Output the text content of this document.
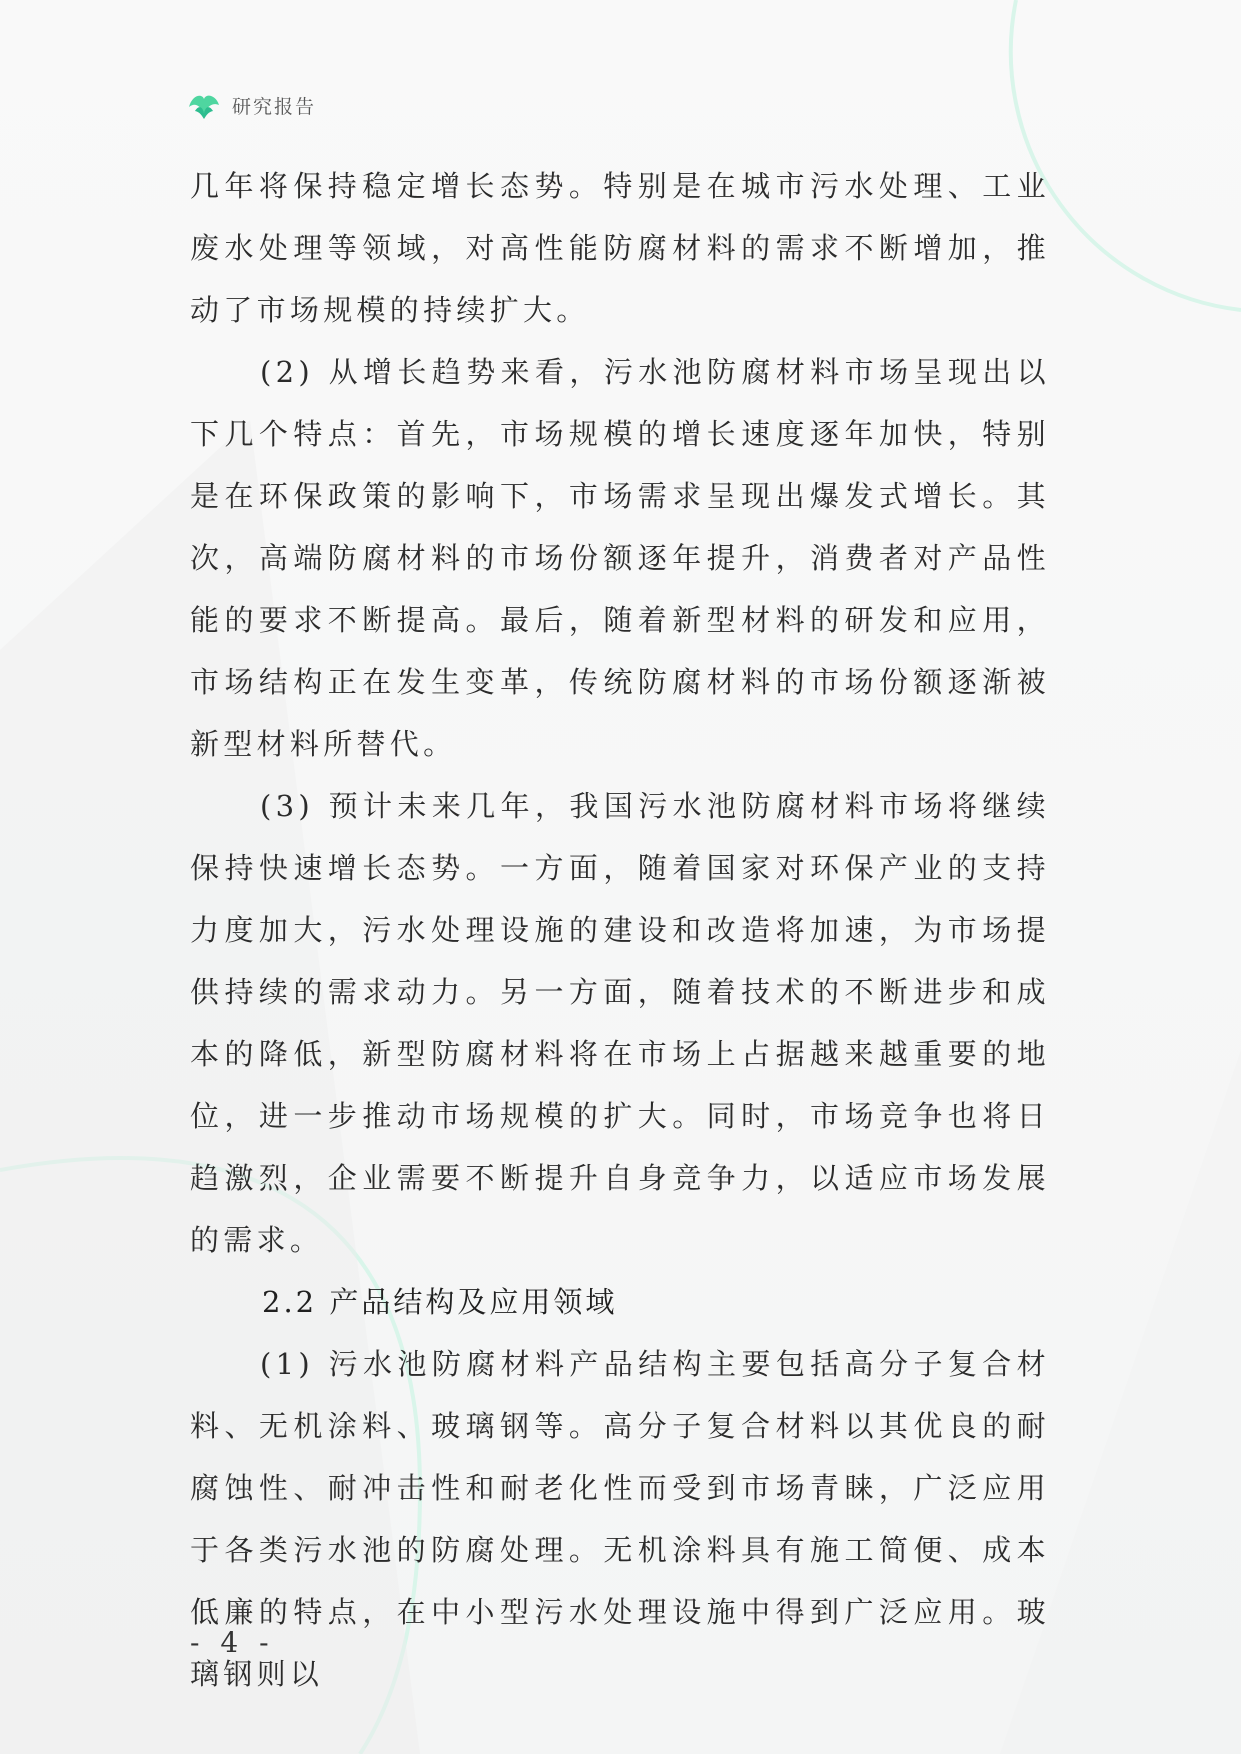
研究报告

几年将保持稳定增长态势。特别是在城市污水处理、工业废水处理等领域，对高性能防腐材料的需求不断增加，推动了市场规模的持续扩大。

(2) 从增长趋势来看，污水池防腐材料市场呈现出以下几个特点：首先，市场规模的增长速度逐年加快，特别是在环保政策的影响下，市场需求呈现出爆发式增长。其次，高端防腐材料的市场份额逐年提升，消费者对产品性能的要求不断提高。最后，随着新型材料的研发和应用，市场结构正在发生变革，传统防腐材料的市场份额逐渐被新型材料所替代。

(3) 预计未来几年，我国污水池防腐材料市场将继续保持快速增长态势。一方面，随着国家对环保产业的支持力度加大，污水处理设施的建设和改造将加速，为市场提供持续的需求动力。另一方面，随着技术的不断进步和成本的降低，新型防腐材料将在市场上占据越来越重要的地位，进一步推动市场规模的扩大。同时，市场竞争也将日趋激烈，企业需要不断提升自身竞争力，以适应市场发展的需求。

2.2 产品结构及应用领域

(1) 污水池防腐材料产品结构主要包括高分子复合材料、无机涂料、玻璃钢等。高分子复合材料以其优良的耐腐蚀性、耐冲击性和耐老化性而受到市场青睐，广泛应用于各类污水池的防腐处理。无机涂料具有施工简便、成本低廉的特点，在中小型污水处理设施中得到广泛应用。玻璃钢则以

- 4 -
